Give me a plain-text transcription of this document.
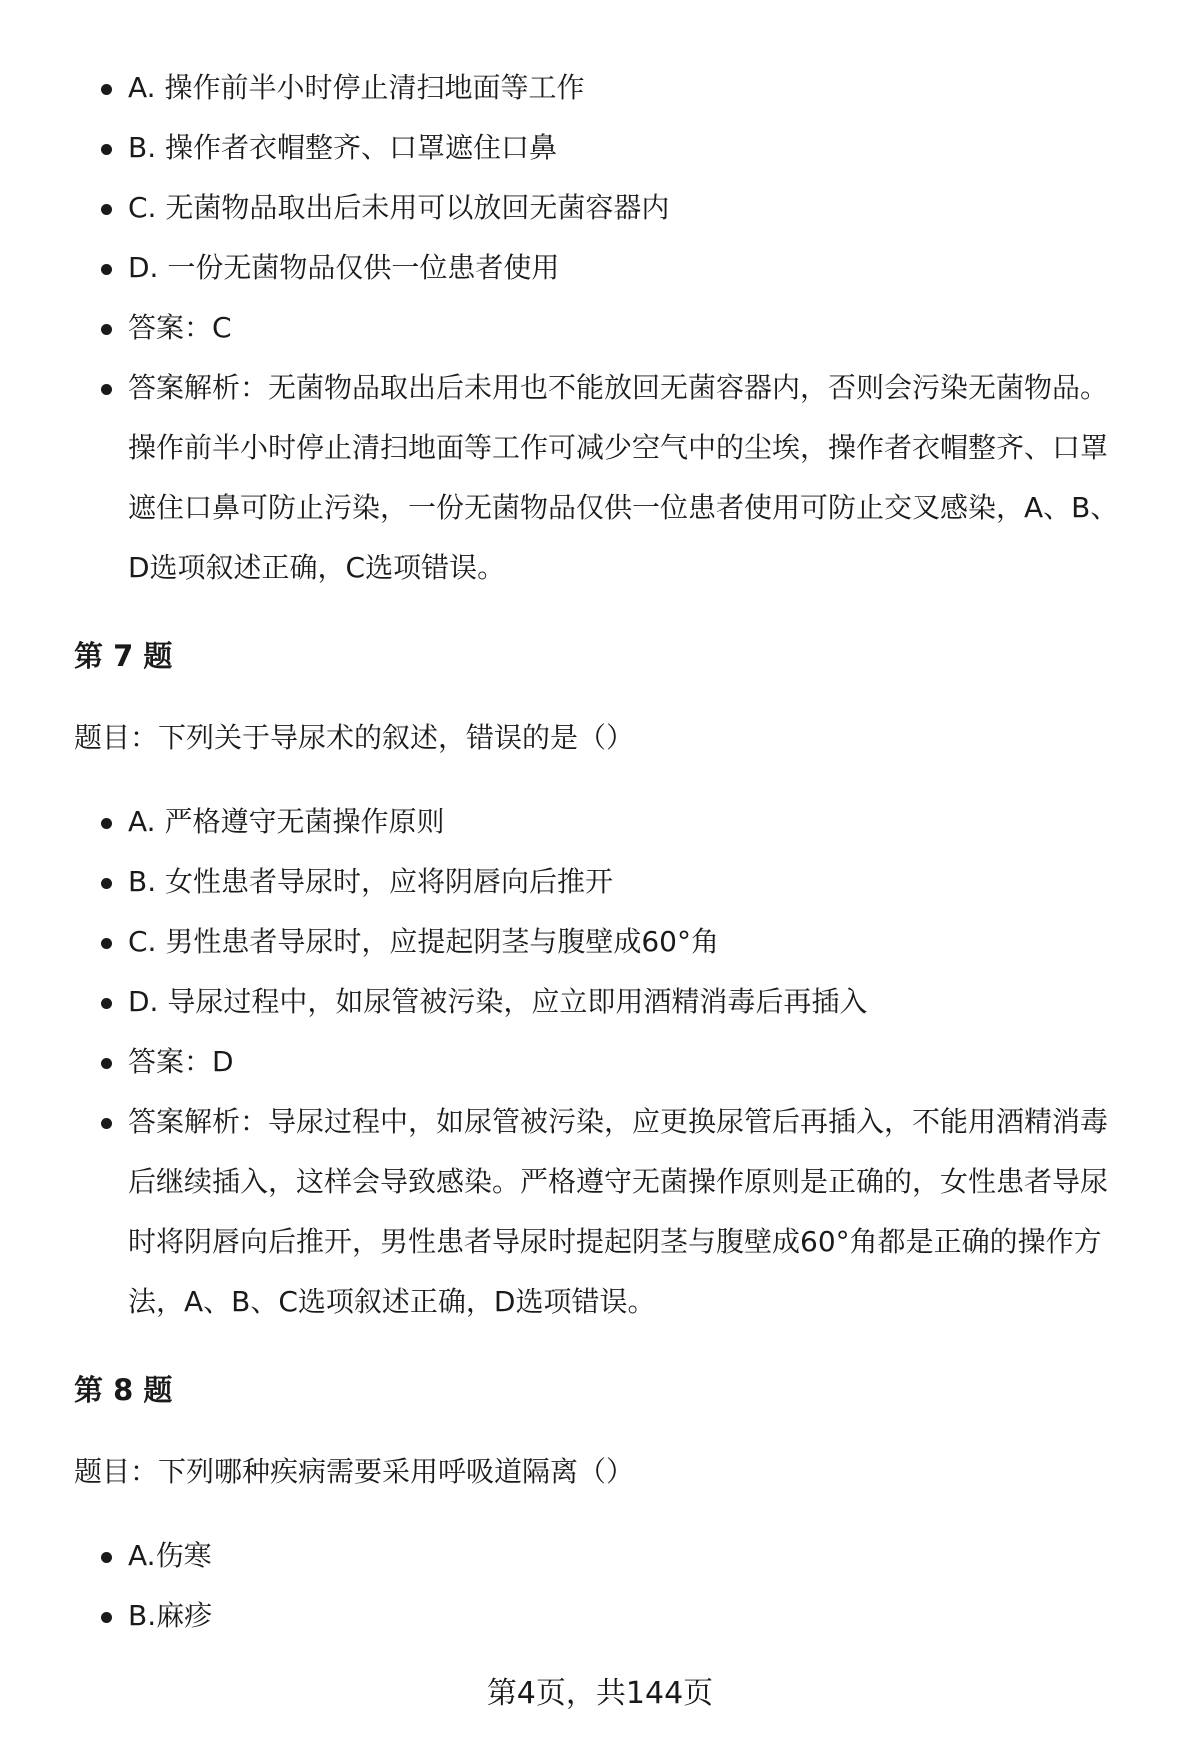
A. 操作前半小时停止清扫地面等工作
B. 操作者衣帽整齐、口罩遮住口鼻
C. 无菌物品取出后未用可以放回无菌容器内
D. 一份无菌物品仅供一位患者使用
答案：C
答案解析：无菌物品取出后未用也不能放回无菌容器内，否则会污染无菌物品。操作前半小时停止清扫地面等工作可减少空气中的尘埃，操作者衣帽整齐、口罩遮住口鼻可防止污染，一份无菌物品仅供一位患者使用可防止交叉感染，A、B、D选项叙述正确，C选项错误。
第 7 题
题目：下列关于导尿术的叙述，错误的是（）
A. 严格遵守无菌操作原则
B. 女性患者导尿时，应将阴唇向后推开
C. 男性患者导尿时，应提起阴茎与腹壁成60°角
D. 导尿过程中，如尿管被污染，应立即用酒精消毒后再插入
答案：D
答案解析：导尿过程中，如尿管被污染，应更换尿管后再插入，不能用酒精消毒后继续插入，这样会导致感染。严格遵守无菌操作原则是正确的，女性患者导尿时将阴唇向后推开，男性患者导尿时提起阴茎与腹壁成60°角都是正确的操作方法，A、B、C选项叙述正确，D选项错误。
第 8 题
题目：下列哪种疾病需要采用呼吸道隔离（）
A.伤寒
B.麻疹
第4页，共144页
